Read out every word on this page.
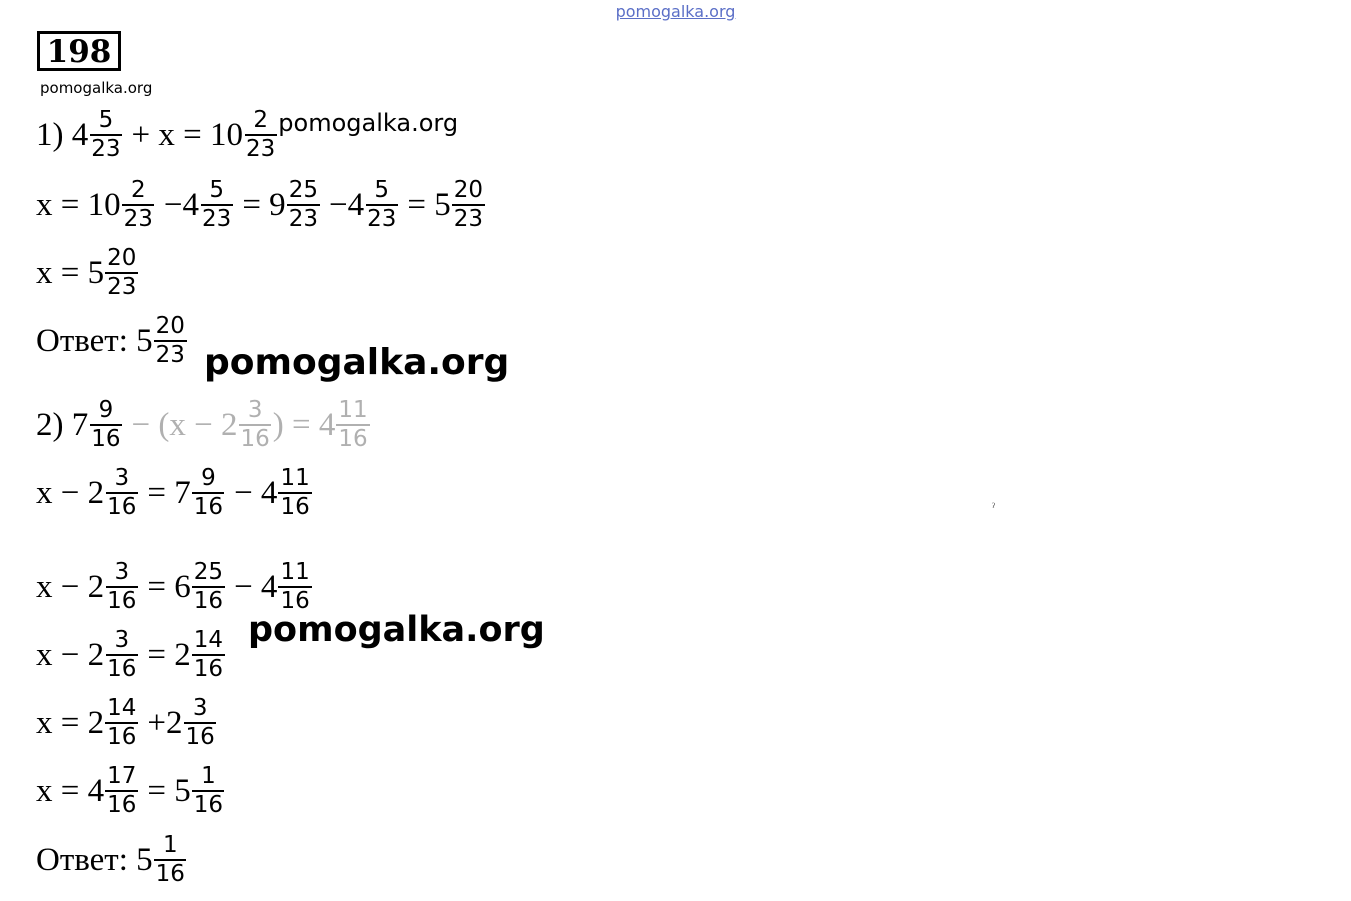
pomogalka.org
198
pomogalka.org
1) $4 \frac{5}{23} + x = 10 \frac{2}{23}$ pomogalka.org
$x = 10 \frac{2}{23} -4 \frac{5}{23} = 9 \frac{25}{23} -4 \frac{5}{23} = 5 \frac{20}{23}$
$x = 5 \frac{20}{23}$
Ответ: $5 \frac{20}{23}$ pomogalka.org
2) $7 \frac{9}{16} - (x - 2 \frac{3}{16}$ ) = $4 \frac{11}{16}$
$x - 2 \frac{3}{16} = 7 \frac{9}{16} - 4 \frac{11}{16}$	ˀ
$x - 2 \frac{3}{16} = 6 \frac{25}{16} - 4 \frac{11}{16}$
$x - 2 \frac{3}{16} = 2 \frac{14}{16}$ pomogalka.org
$x = 2 \frac{14}{16} +2 \frac{3}{16}$
$x = 4 \frac{17}{16} = 5 \frac{1}{16}$
Ответ: $5 \frac{1}{16}$
